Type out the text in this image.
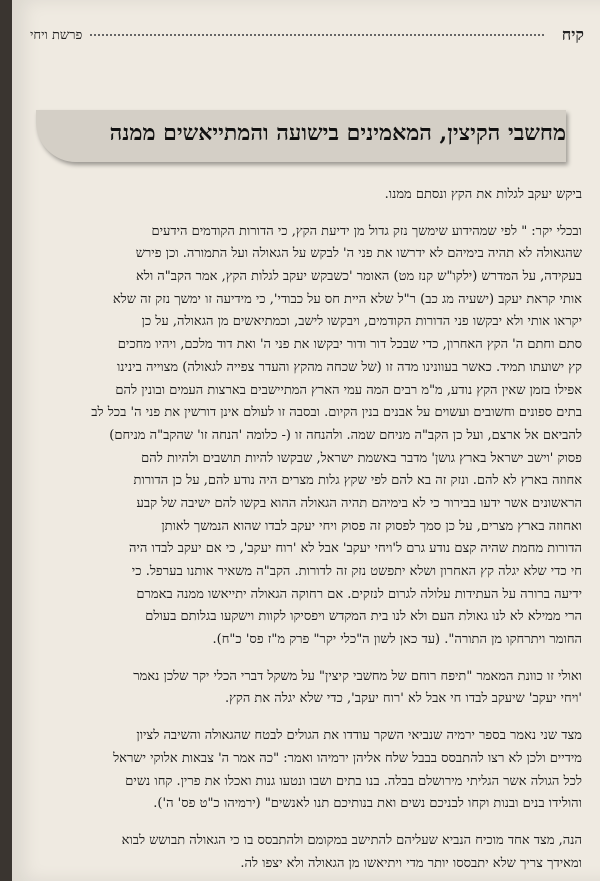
קיח
פרשת ויחי
מחשבי הקיצין, המאמינים בישועה והמתייאשים ממנה
ביקש יעקב לגלות את הקץ ונסתם ממנו.
ובכלי יקר: " לפי שמהידוע שימשך נזק גדול מן ידיעת הקץ, כי הדורות הקודמים הידעים
שהגאולה לא תהיה בימיהם לא ידרשו את פני ה' לבקש על הגאולה ועל התמורה. וכן פירש
בעקידה, על המדרש (ילקו"ש קנז מט) האומר 'כשבקש יעקב לגלות הקץ, אמר הקב"ה ולא
אותי קראת יעקב (ישעיה מג כב) ר"ל שלא היית חס על כבודי', כי מידיעה זו ימשך נזק זה שלא
יקראו אותי ולא יבקשו פני הדורות הקודמים, ויבקשו לישב, וכמתיאשים מן הגאולה, על כן
סתם וחתם ה' הקץ האחרון, כדי שבכל דור ודור יבקשו את פני ה' ואת דוד מלכם, ויהיו מחכים
קץ ישועתו תמיד. כאשר בעוונינו מדה זו (של שכחה מהקץ והעדר צפייה לגאולה) מצוייה בינינו
אפילו בזמן שאין הקץ נודע, מ"מ רבים המה עמי הארץ המתיישבים בארצות העמים ובונין להם
בתים ספונים וחשובים ועשוים על אבנים בנין הקיום. ובסבה זו לעולם אינן דורשין את פני ה' בכל לב
להביאם אל ארצם, ועל כן הקב"ה מניחם שמה. ולהנחה זו (- כלומה 'הנחה זו' שהקב"ה מניחם)
פסוק 'וישב ישראל בארץ גושן' מדבר באשמת ישראל, שבקשו להיות תושבים ולהיות להם
אחוזה בארץ לא להם. ונזק זה בא להם לפי שקץ גלות מצרים היה נודע להם, על כן הדורות
הראשונים אשר ידעו בבירור כי לא בימיהם תהיה הגאולה ההוא בקשו להם ישיבה של קבע
ואחוזה בארץ מצרים, על כן סמך לפסוק זה פסוק ויחי יעקב לבדו שהוא הנמשך לאותן
הדורות מחמת שהיה קצם נודע גרם ל'ויחי יעקב' אבל לא 'רוח יעקב', כי אם יעקב לבדו היה
חי כדי שלא יגלה קץ האחרון ושלא יתפשט נזק זה לדורות. הקב"ה משאיר אותנו בערפל. כי
ידיעה ברורה על העתידות עלולה לגרום לנזקים. אם רחוקה הגאולה יתייאשו ממנה באמרם
הרי ממילא לא לנו גאולת העם ולא לנו בית המקדש ויפסיקו לקוות וישקעו בגלותם בעולם
החומר ויתרחקו מן התורה". (עד כאן לשון ה"כלי יקר" פרק מ"ז פס' כ"ח).
ואולי זו כוונת המאמר "תיפח רוחם של מחשבי קיצין" על משקל דברי הכלי יקר שלכן נאמר
'ויחי יעקב' שיעקב לבדו חי אבל לא 'רוח יעקב', כדי שלא יגלה את הקץ.
מצד שני נאמר בספר ירמיה שנביאי השקר עודדו את הגולים לבטח שהגאולה והשיבה לציון
מידיים ולכן לא רצו להתבסס בבבל שלח אליהן ירמיהו ואמר: "כה אמר ה' צבאות אלוקי ישראל
לכל הגולה אשר הגליתי מירושלם בבלה. בנו בתים ושבו ונטעו גנות ואכלו את פרין. קחו נשים
והולידו בנים ובנות וקחו לבניכם נשים ואת בנותיכם תנו לאנשים" (ירמיהו כ"ט פס' ה').
הנה, מצד אחד מוכיח הנביא שעליהם להתישב במקומם ולהתבסס בו כי הגאולה תבושש לבוא
ומאידך צריך שלא יתבססו יותר מדי ויתיאשו מן הגאולה ולא יצפו לה.
